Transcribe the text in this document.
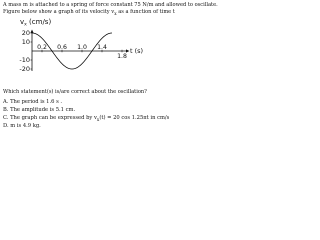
A mass m is attached to a spring of force constant 75 N/m and allowed to oscillate.
Figure below show a graph of its velocity $v_x$ as a function of time t
20
10
-10
-20
0.2 0.6 1.0 1.4
1.8
$v_x$ (cm/s)
t (s)
Which statement(s) is/are correct about the oscillation?
A. The period is 1.6 s .
B. The amplitude is 5.1 cm.
C. The graph can be expressed by $v_x(t) = 20$ cos 1.25πt in cm/s
D. m is 4.9 kg.
